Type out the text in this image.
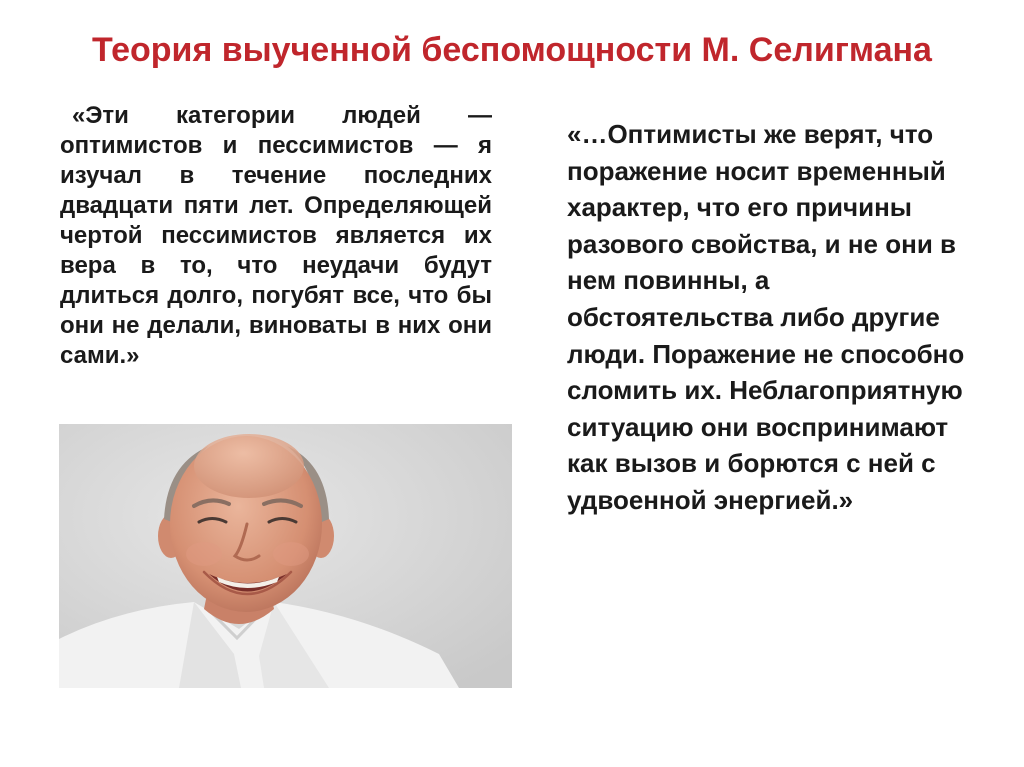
Теория выученной беспомощности М. Селигмана

«Эти категории людей — оптимистов и пессимистов — я изучал в течение последних двадцати пяти лет. Определяющей чертой пессимистов является их вера в то, что неудачи будут длиться долго, погубят все, что бы они не делали, виноваты в них они сами.»

«…Оптимисты же верят, что поражение носит временный характер, что его причины разового свойства, и не они в нем повинны, а обстоятельства либо другие люди. Поражение не способно сломить их. Неблагоприятную ситуацию они воспринимают как вызов и борются с ней с удвоенной энергией.»
